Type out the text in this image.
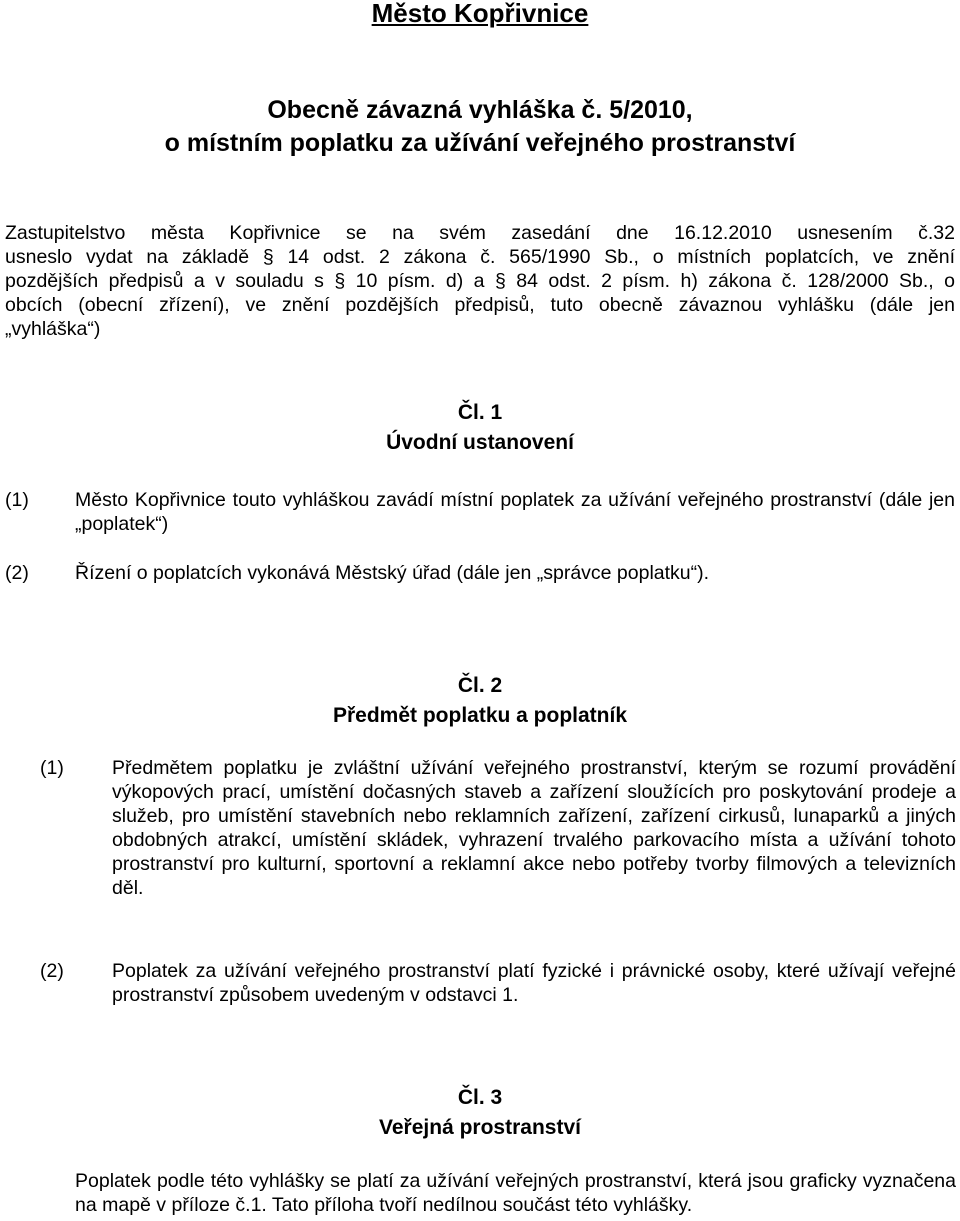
Město Kopřivnice
Obecně závazná vyhláška č. 5/2010,
o místním poplatku za užívání veřejného prostranství

Zastupitelstvo města Kopřivnice se na svém zasedání dne 16.12.2010 usnesením č.32

usneslo vydat na základě § 14 odst. 2 zákona č. 565/1990 Sb., o místních poplatcích, ve znění

pozdějších předpisů a v souladu s § 10 písm. d) a § 84 odst. 2 písm. h) zákona č. 128/2000 Sb., o

obcích (obecní zřízení), ve znění pozdějších předpisů, tuto obecně závaznou vyhlášku (dále jen

„vyhláška“)

Čl. 1
Úvodní ustanovení
(1)	Město Kopřivnice touto vyhláškou zavádí místní poplatek za užívání veřejného prostranství (dále jen „poplatek“)
(2)	Řízení o poplatcích vykonává Městský úřad (dále jen „správce poplatku“).
Čl. 2
Předmět poplatku a poplatník
(1)	Předmětem poplatku je zvláštní užívání veřejného prostranství, kterým se rozumí provádění výkopových prací, umístění dočasných staveb a zařízení sloužících pro poskytování prodeje a služeb, pro umístění stavebních nebo reklamních zařízení, zařízení cirkusů, lunaparků a jiných obdobných atrakcí, umístění skládek, vyhrazení trvalého parkovacího místa a užívání tohoto prostranství pro kulturní, sportovní a reklamní akce nebo potřeby tvorby filmových a televizních děl.
(2)	Poplatek za užívání veřejného prostranství platí fyzické i právnické osoby, které užívají veřejné prostranství způsobem uvedeným v odstavci 1.
Čl. 3
Veřejná prostranství
Poplatek podle této vyhlášky se platí za užívání veřejných prostranství, která jsou graficky vyznačena na mapě v příloze č.1. Tato příloha tvoří nedílnou součást této vyhlášky.
